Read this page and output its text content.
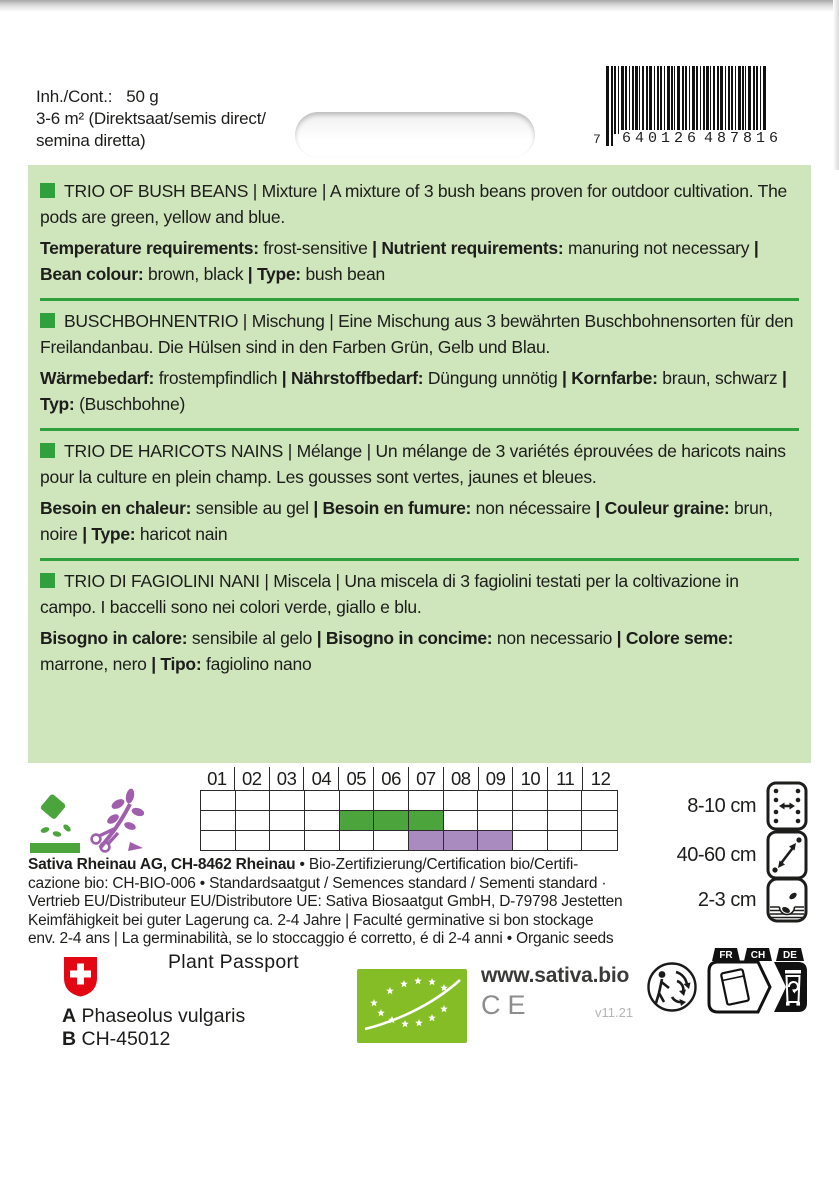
Inh./Cont.: 50 g
3-6 m² (Direktsaat/semis direct/
semina diretta)	7 640126 487816

TRIO OF BUSH BEANS | Mixture | A mixture of 3 bush beans proven for outdoor cultivation. The pods are green, yellow and blue.

Temperature requirements: frost-sensitive | Nutrient requirements: manuring not necessary | Bean colour: brown, black | Type: bush bean

BUSCHBOHNENTRIO | Mischung | Eine Mischung aus 3 bewährten Buschbohnensorten für den Freilandanbau. Die Hülsen sind in den Farben Grün, Gelb und Blau.

Wärmebedarf: frostempfindlich | Nährstoffbedarf: Düngung unnötig | Kornfarbe: braun, schwarz | Typ: (Buschbohne)

TRIO DE HARICOTS NAINS | Mélange | Un mélange de 3 variétés éprouvées de haricots nains pour la culture en plein champ. Les gousses sont vertes, jaunes et bleues.

Besoin en chaleur: sensible au gel | Besoin en fumure: non nécessaire | Couleur graine: brun, noire | Type: haricot nain

TRIO DI FAGIOLINI NANI | Miscela | Una miscela di 3 fagiolini testati per la coltivazione in campo. I baccelli sono nei colori verde, giallo e blu.

Bisogno in calore: sensibile al gelo | Bisogno in concime: non necessario | Colore seme: marrone, nero | Tipo: fagiolino nano

01 02 03 04 05 06 07 08 09 10 11 12
8-10 cm
40-60 cm
2-3 cm
Sativa Rheinau AG, CH-8462 Rheinau • Bio-Zertifizierung/Certification bio/Certifi-
cazione bio: CH-BIO-006 • Standardsaatgut / Semences standard / Sementi standard ·
Vertrieb EU/Distributeur EU/Distributore UE: Sativa Biosaatgut GmbH, D-79798 Jestetten
Keimfähigkeit bei guter Lagerung ca. 2-4 Jahre | Faculté germinative si bon stockage
env. 2-4 ans | La germinabilità, se lo stoccaggio é corretto, é di 2-4 anni • Organic seeds
Plant Passport
A Phaseolus vulgaris
B CH-45012
www.sativa.bio
CE	v11.21
FR CH DE
